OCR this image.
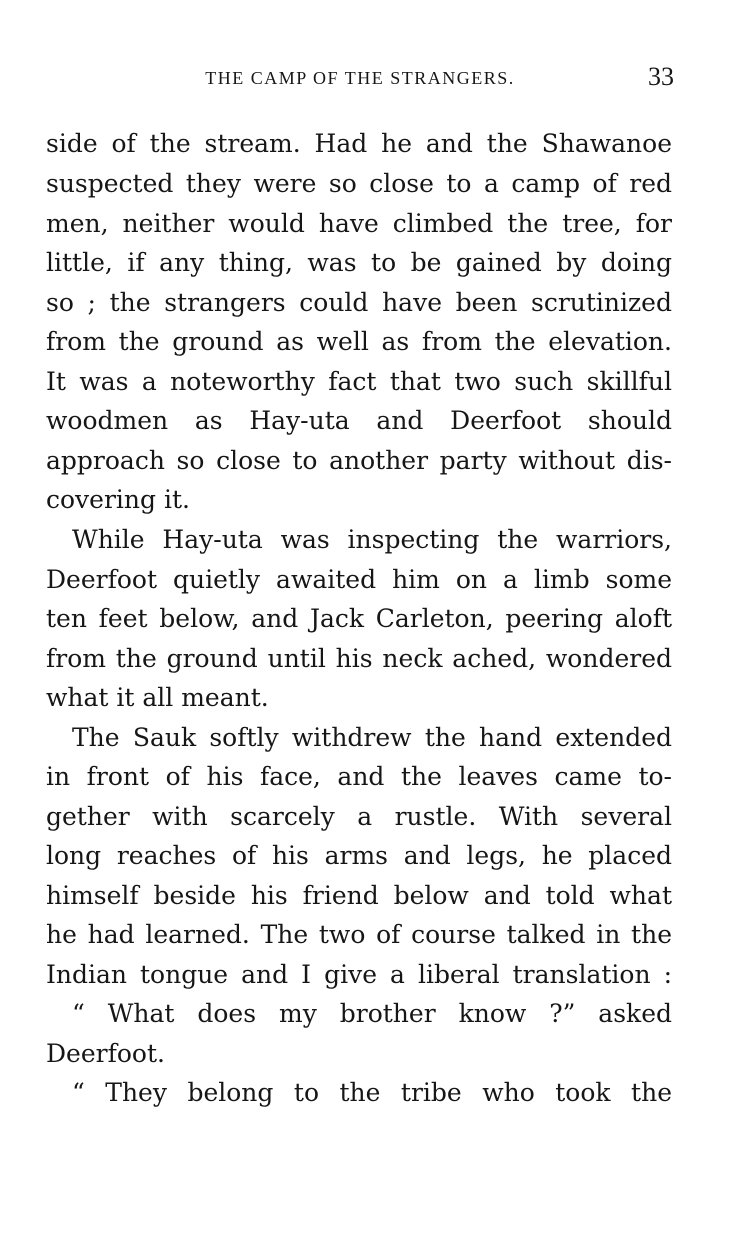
THE CAMP OF THE STRANGERS.	33
side of the stream. Had he and the Shawanoe
suspected they were so close to a camp of red
men, neither would have climbed the tree, for
little, if any thing, was to be gained by doing
so ; the strangers could have been scrutinized
from the ground as well as from the elevation.
It was a noteworthy fact that two such skillful
woodmen as Hay-uta and Deerfoot should
approach so close to another party without dis-
covering it.
While Hay-uta was inspecting the warriors,
Deerfoot quietly awaited him on a limb some
ten feet below, and Jack Carleton, peering aloft
from the ground until his neck ached, wondered
what it all meant.
The Sauk softly withdrew the hand extended
in front of his face, and the leaves came to-
gether with scarcely a rustle. With several
long reaches of his arms and legs, he placed
himself beside his friend below and told what
he had learned. The two of course talked in the
Indian tongue and I give a liberal translation :
“ What does my brother know ?” asked
Deerfoot.
“ They belong to the tribe who took the
